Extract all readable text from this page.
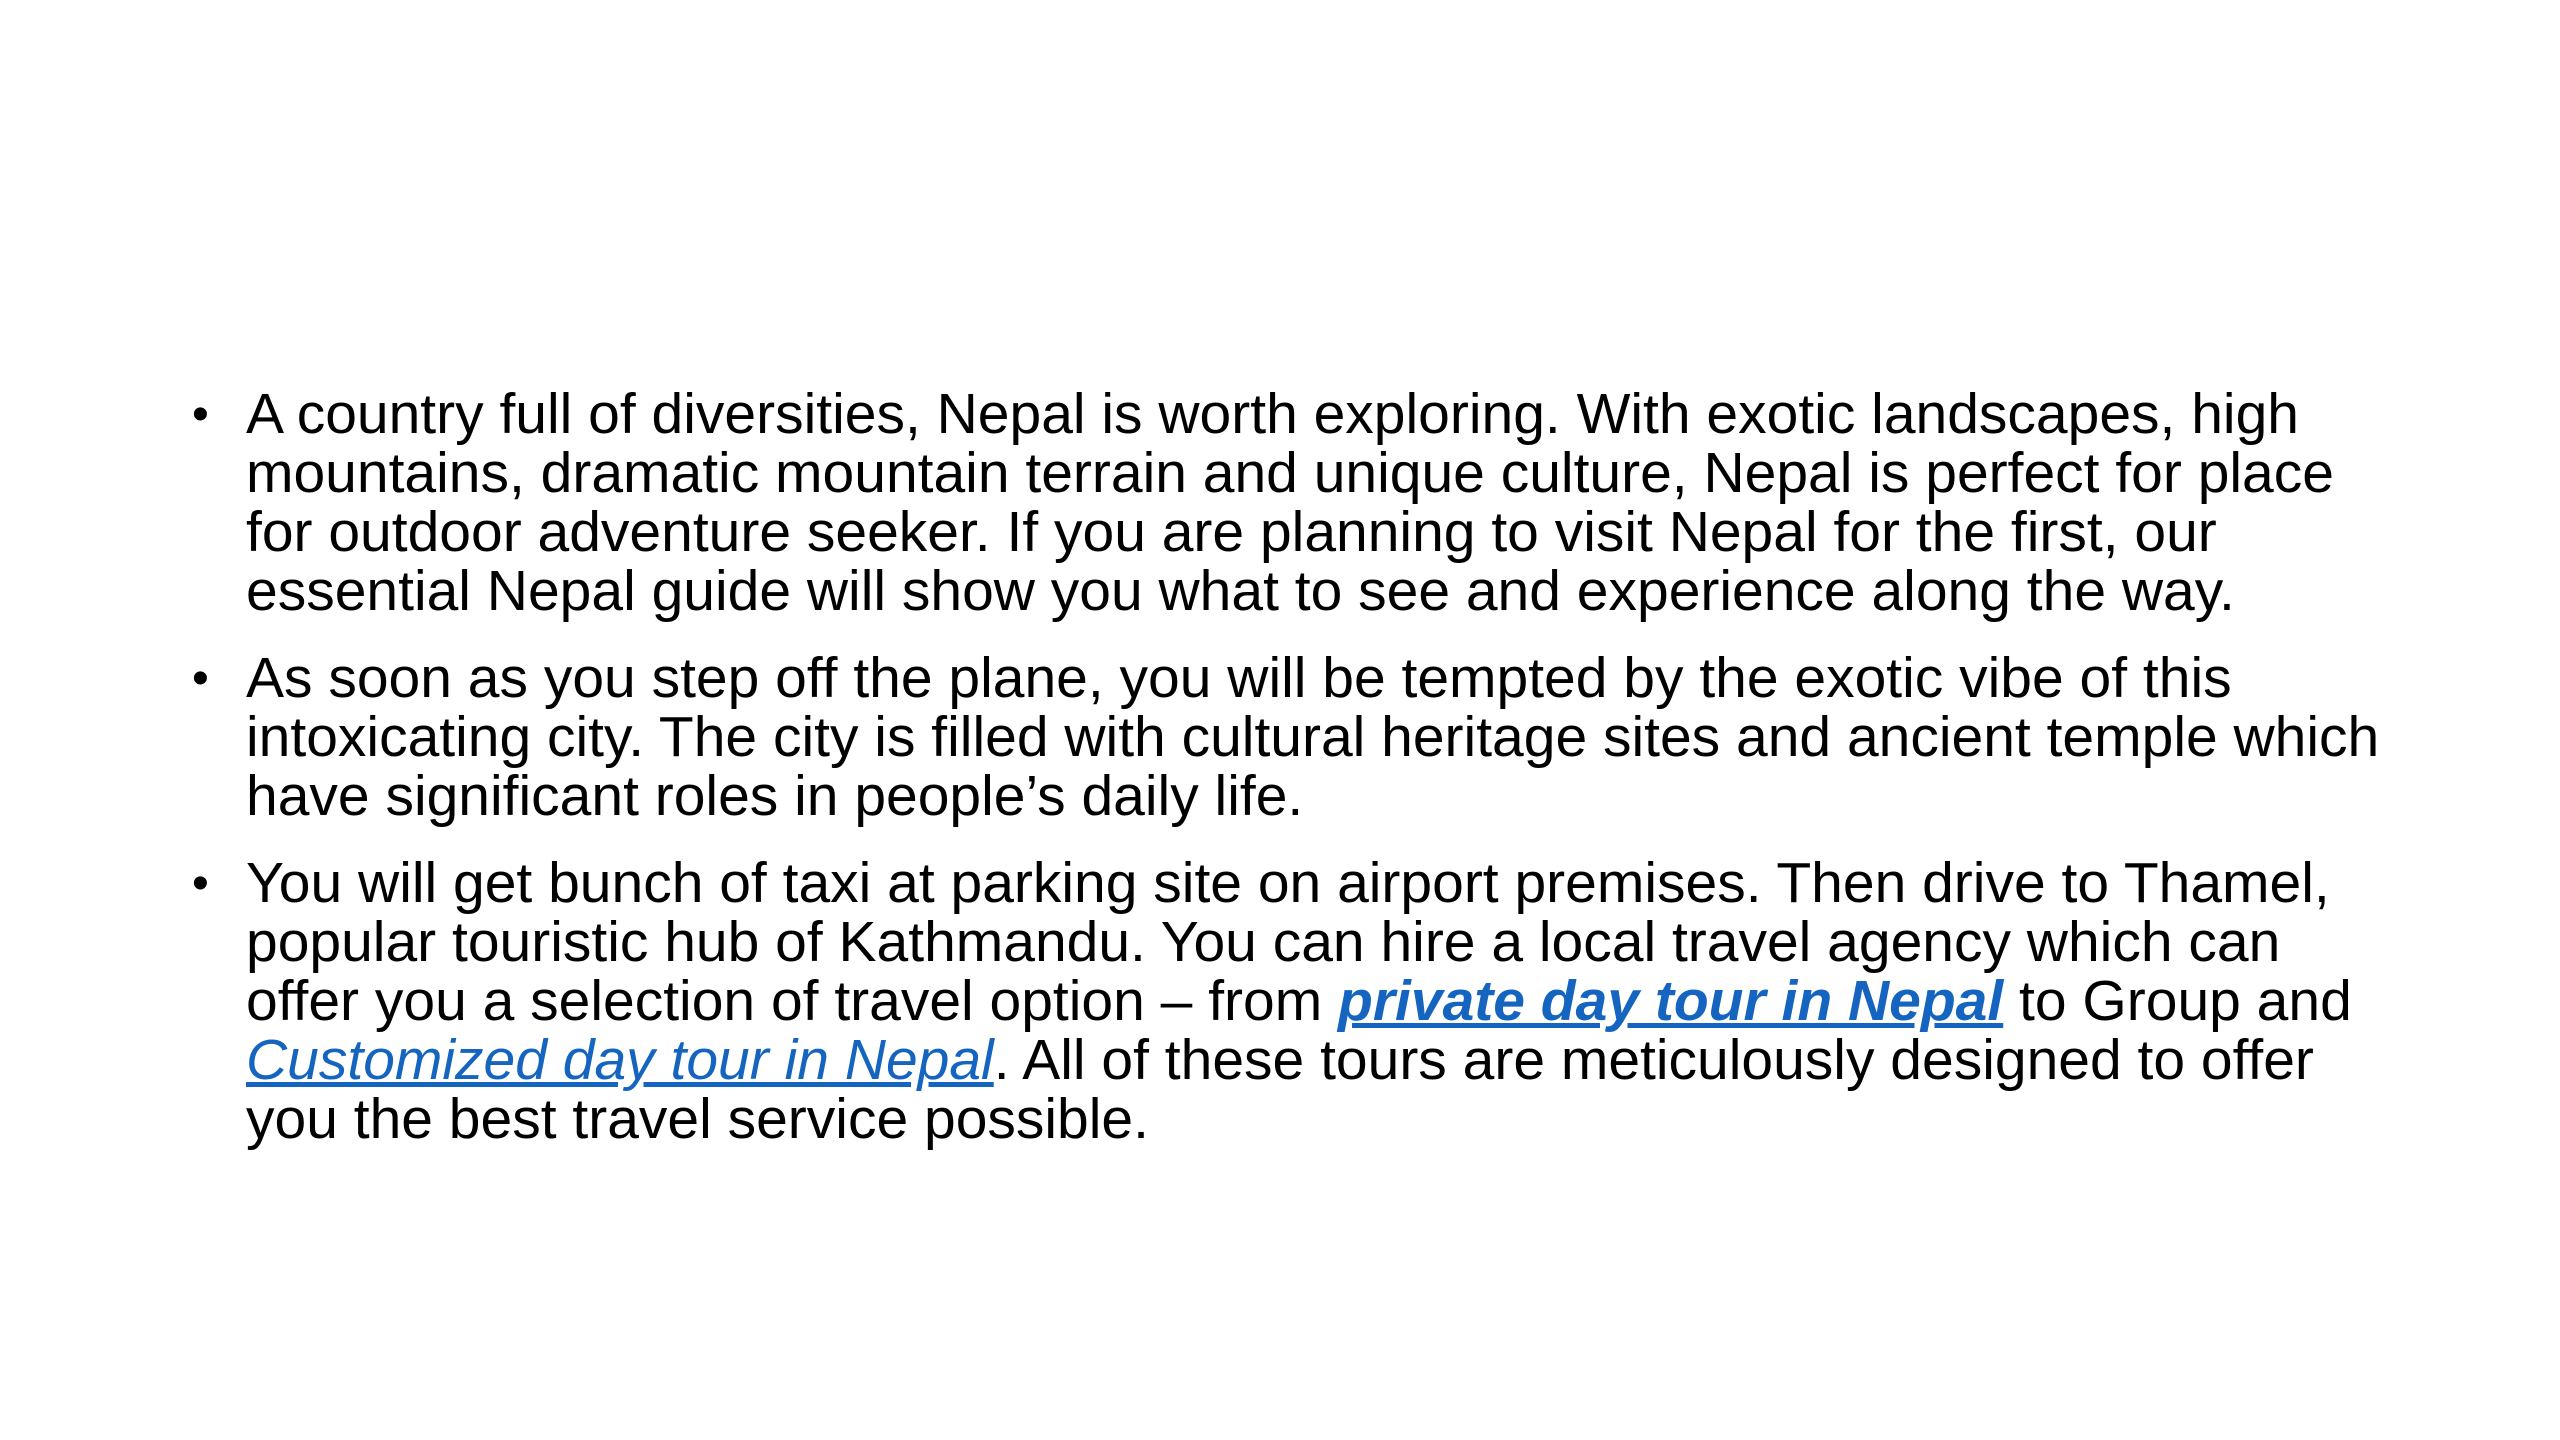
• A country full of diversities, Nepal is worth exploring. With exotic landscapes, high mountains, dramatic mountain terrain and unique culture, Nepal is perfect for place for outdoor adventure seeker. If you are planning to visit Nepal for the first, our essential Nepal guide will show you what to see and experience along the way.
• As soon as you step off the plane, you will be tempted by the exotic vibe of this intoxicating city. The city is filled with cultural heritage sites and ancient temple which have significant roles in people’s daily life.
• You will get bunch of taxi at parking site on airport premises. Then drive to Thamel, popular touristic hub of Kathmandu. You can hire a local travel agency which can offer you a selection of travel option – from private day tour in Nepal to Group and Customized day tour in Nepal. All of these tours are meticulously designed to offer you the best travel service possible.
